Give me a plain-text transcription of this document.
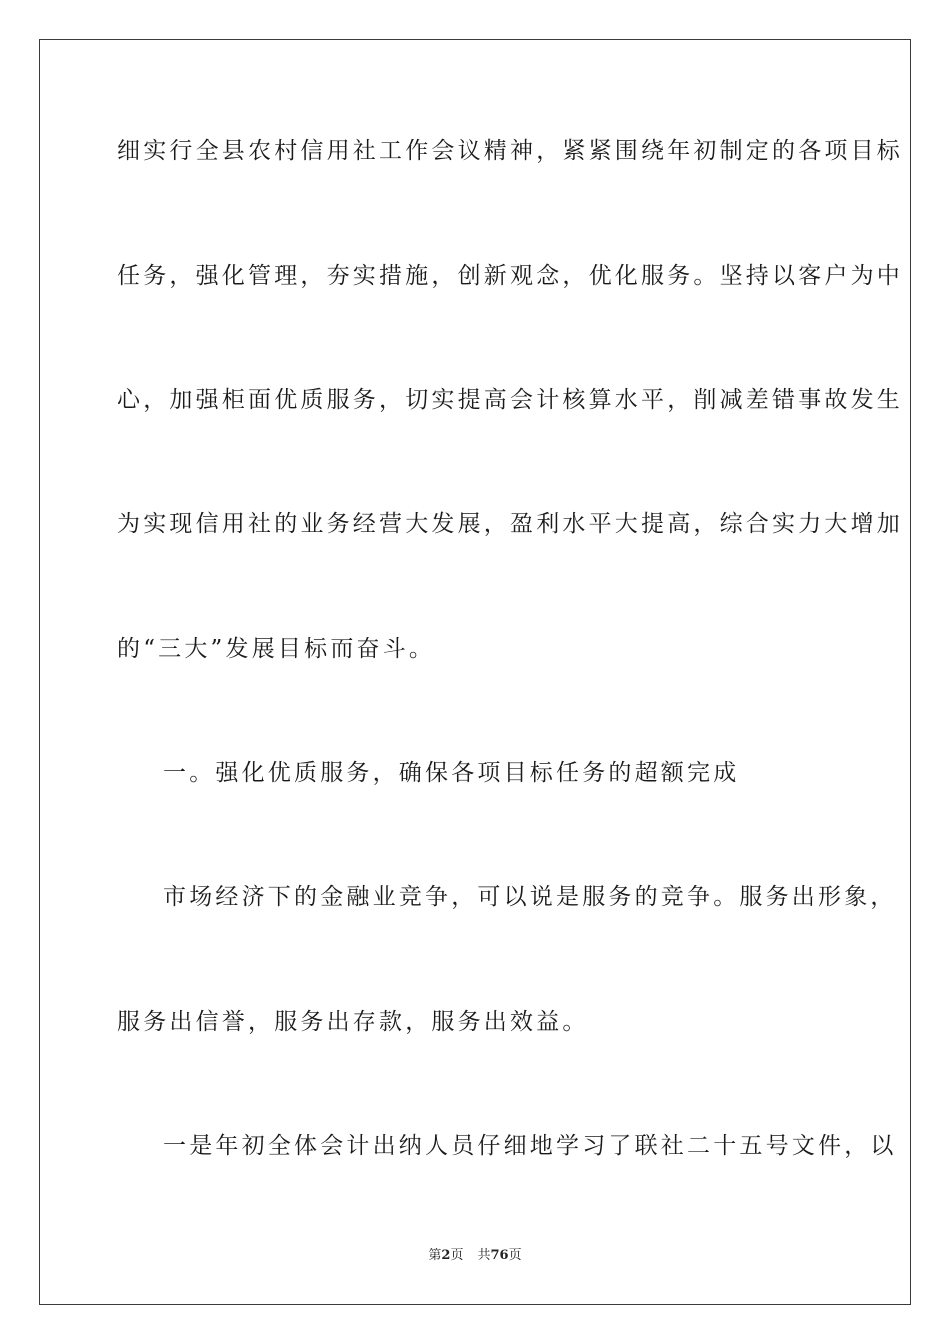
细实行全县农村信用社工作会议精神，紧紧围绕年初制定的各项目标
任务，强化管理，夯实措施，创新观念，优化服务。坚持以客户为中
心，加强柜面优质服务，切实提高会计核算水平，削减差错事故发生
为实现信用社的业务经营大发展，盈利水平大提高，综合实力大增加
的“三大”发展目标而奋斗。
一。强化优质服务，确保各项目标任务的超额完成
市场经济下的金融业竞争，可以说是服务的竞争。服务出形象，
服务出信誉，服务出存款，服务出效益。
一是年初全体会计出纳人员仔细地学习了联社二十五号文件，以
第2页 共76页
